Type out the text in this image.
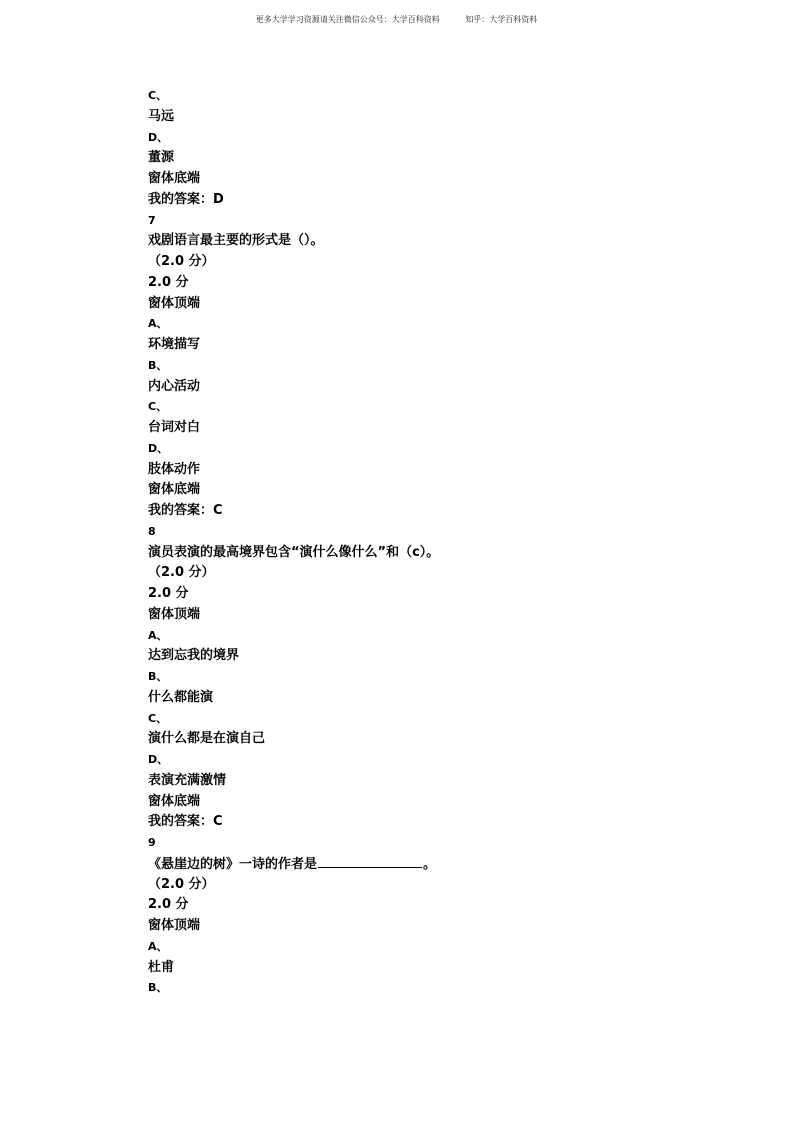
更多大学学习资源请关注微信公众号：大学百科资料	知乎：大学百科资料
C、
马远
D、
董源
窗体底端
我的答案：D
7
戏剧语言最主要的形式是（）。
（2.0 分）
2.0 分
窗体顶端
A、
环境描写
B、
内心活动
C、
台词对白
D、
肢体动作
窗体底端
我的答案：C
8
演员表演的最高境界包含“演什么像什么”和（c）。
（2.0 分）
2.0 分
窗体顶端
A、
达到忘我的境界
B、
什么都能演
C、
演什么都是在演自己
D、
表演充满激情
窗体底端
我的答案：C
9
《悬崖边的树》一诗的作者是	。
（2.0 分）
2.0 分
窗体顶端
A、
杜甫
B、
